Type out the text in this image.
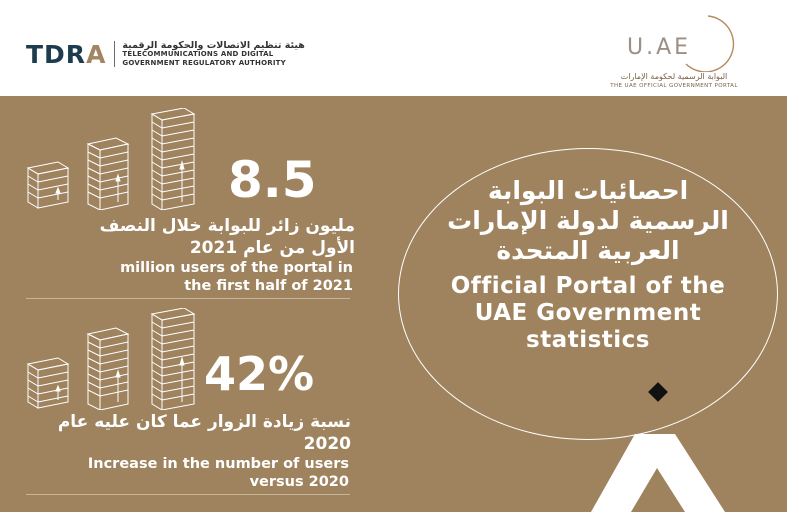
TDRA هيئة تنظيم الاتصالات والحكومة الرقمية
TELECOMMUNICATIONS AND DIGITAL
GOVERNMENT REGULATORY AUTHORITY
U.AE
البوابة الرسمية لحكومة الإمارات
THE UAE OFFICIAL GOVERNMENT PORTAL
8.5
مليون زائر للبوابة خلال النصف
الأول من عام 2021
million users of the portal in
the first half of 2021
42%
نسبة زيادة الزوار عما كان عليه عام
2020
Increase in the number of users
versus 2020
احصائيات البوابة
الرسمية لدولة الإمارات
العربية المتحدة
Official Portal of the
UAE Government
statistics
